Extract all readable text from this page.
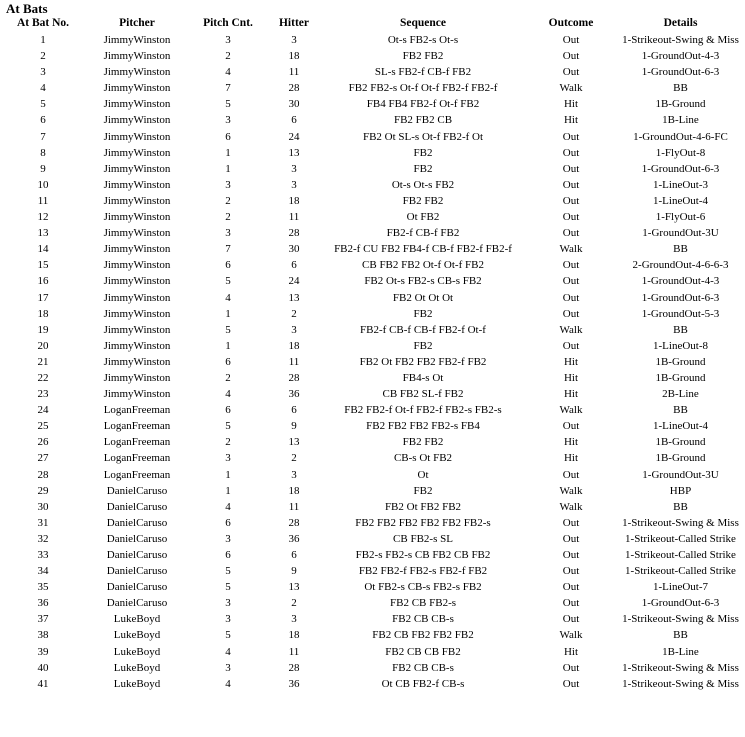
At Bats
At Bat No.	Pitcher	Pitch Cnt.	Hitter	Sequence	Outcome	Details
1	JimmyWinston	3	3	Ot-s FB2-s Ot-s	Out	1-Strikeout-Swing & Miss
2	JimmyWinston	2	18	FB2 FB2	Out	1-GroundOut-4-3
3	JimmyWinston	4	11	SL-s FB2-f CB-f FB2	Out	1-GroundOut-6-3
4	JimmyWinston	7	28	FB2 FB2-s Ot-f Ot-f FB2-f FB2-f	Walk	BB
5	JimmyWinston	5	30	FB4 FB4 FB2-f Ot-f FB2	Hit	1B-Ground
6	JimmyWinston	3	6	FB2 FB2 CB	Hit	1B-Line
7	JimmyWinston	6	24	FB2 Ot SL-s Ot-f FB2-f Ot	Out	1-GroundOut-4-6-FC
8	JimmyWinston	1	13	FB2	Out	1-FlyOut-8
9	JimmyWinston	1	3	FB2	Out	1-GroundOut-6-3
10	JimmyWinston	3	3	Ot-s Ot-s FB2	Out	1-LineOut-3
11	JimmyWinston	2	18	FB2 FB2	Out	1-LineOut-4
12	JimmyWinston	2	11	Ot FB2	Out	1-FlyOut-6
13	JimmyWinston	3	28	FB2-f CB-f FB2	Out	1-GroundOut-3U
14	JimmyWinston	7	30	FB2-f CU FB2 FB4-f CB-f FB2-f FB2-f	Walk	BB
15	JimmyWinston	6	6	CB FB2 FB2 Ot-f Ot-f FB2	Out	2-GroundOut-4-6-6-3
16	JimmyWinston	5	24	FB2 Ot-s FB2-s CB-s FB2	Out	1-GroundOut-4-3
17	JimmyWinston	4	13	FB2 Ot Ot Ot	Out	1-GroundOut-6-3
18	JimmyWinston	1	2	FB2	Out	1-GroundOut-5-3
19	JimmyWinston	5	3	FB2-f CB-f CB-f FB2-f Ot-f	Walk	BB
20	JimmyWinston	1	18	FB2	Out	1-LineOut-8
21	JimmyWinston	6	11	FB2 Ot FB2 FB2 FB2-f FB2	Hit	1B-Ground
22	JimmyWinston	2	28	FB4-s Ot	Hit	1B-Ground
23	JimmyWinston	4	36	CB FB2 SL-f FB2	Hit	2B-Line
24	LoganFreeman	6	6	FB2 FB2-f Ot-f FB2-f FB2-s FB2-s	Walk	BB
25	LoganFreeman	5	9	FB2 FB2 FB2 FB2-s FB4	Out	1-LineOut-4
26	LoganFreeman	2	13	FB2 FB2	Hit	1B-Ground
27	LoganFreeman	3	2	CB-s Ot FB2	Hit	1B-Ground
28	LoganFreeman	1	3	Ot	Out	1-GroundOut-3U
29	DanielCaruso	1	18	FB2	Walk	HBP
30	DanielCaruso	4	11	FB2 Ot FB2 FB2	Walk	BB
31	DanielCaruso	6	28	FB2 FB2 FB2 FB2 FB2 FB2-s	Out	1-Strikeout-Swing & Miss
32	DanielCaruso	3	36	CB FB2-s SL	Out	1-Strikeout-Called Strike
33	DanielCaruso	6	6	FB2-s FB2-s CB FB2 CB FB2	Out	1-Strikeout-Called Strike
34	DanielCaruso	5	9	FB2 FB2-f FB2-s FB2-f FB2	Out	1-Strikeout-Called Strike
35	DanielCaruso	5	13	Ot FB2-s CB-s FB2-s FB2	Out	1-LineOut-7
36	DanielCaruso	3	2	FB2 CB FB2-s	Out	1-GroundOut-6-3
37	LukeBoyd	3	3	FB2 CB CB-s	Out	1-Strikeout-Swing & Miss
38	LukeBoyd	5	18	FB2 CB FB2 FB2 FB2	Walk	BB
39	LukeBoyd	4	11	FB2 CB CB FB2	Hit	1B-Line
40	LukeBoyd	3	28	FB2 CB CB-s	Out	1-Strikeout-Swing & Miss
41	LukeBoyd	4	36	Ot CB FB2-f CB-s	Out	1-Strikeout-Swing & Miss
